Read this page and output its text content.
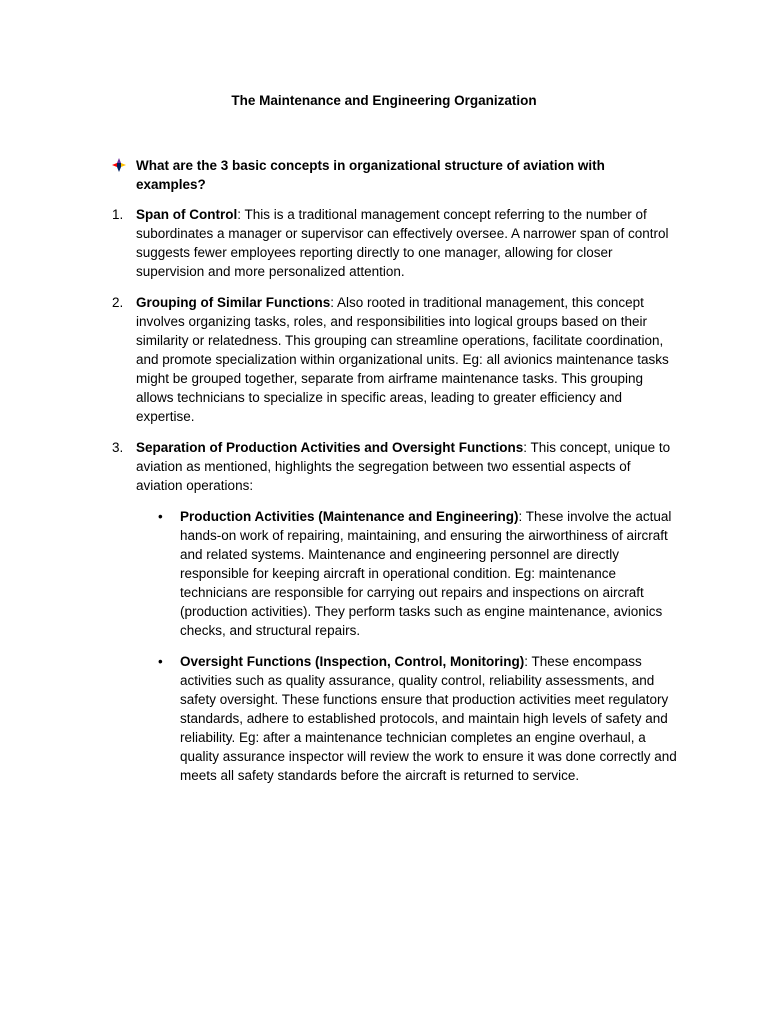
The Maintenance and Engineering Organization
What are the 3 basic concepts in organizational structure of aviation with examples?
1. Span of Control: This is a traditional management concept referring to the number of subordinates a manager or supervisor can effectively oversee. A narrower span of control suggests fewer employees reporting directly to one manager, allowing for closer supervision and more personalized attention.
2. Grouping of Similar Functions: Also rooted in traditional management, this concept involves organizing tasks, roles, and responsibilities into logical groups based on their similarity or relatedness. This grouping can streamline operations, facilitate coordination, and promote specialization within organizational units. Eg: all avionics maintenance tasks might be grouped together, separate from airframe maintenance tasks. This grouping allows technicians to specialize in specific areas, leading to greater efficiency and expertise.
3. Separation of Production Activities and Oversight Functions: This concept, unique to aviation as mentioned, highlights the segregation between two essential aspects of aviation operations:
•	Production Activities (Maintenance and Engineering): These involve the actual hands-on work of repairing, maintaining, and ensuring the airworthiness of aircraft and related systems. Maintenance and engineering personnel are directly responsible for keeping aircraft in operational condition. Eg: maintenance technicians are responsible for carrying out repairs and inspections on aircraft (production activities). They perform tasks such as engine maintenance, avionics checks, and structural repairs.
•	Oversight Functions (Inspection, Control, Monitoring): These encompass activities such as quality assurance, quality control, reliability assessments, and safety oversight. These functions ensure that production activities meet regulatory standards, adhere to established protocols, and maintain high levels of safety and reliability. Eg: after a maintenance technician completes an engine overhaul, a quality assurance inspector will review the work to ensure it was done correctly and meets all safety standards before the aircraft is returned to service.
